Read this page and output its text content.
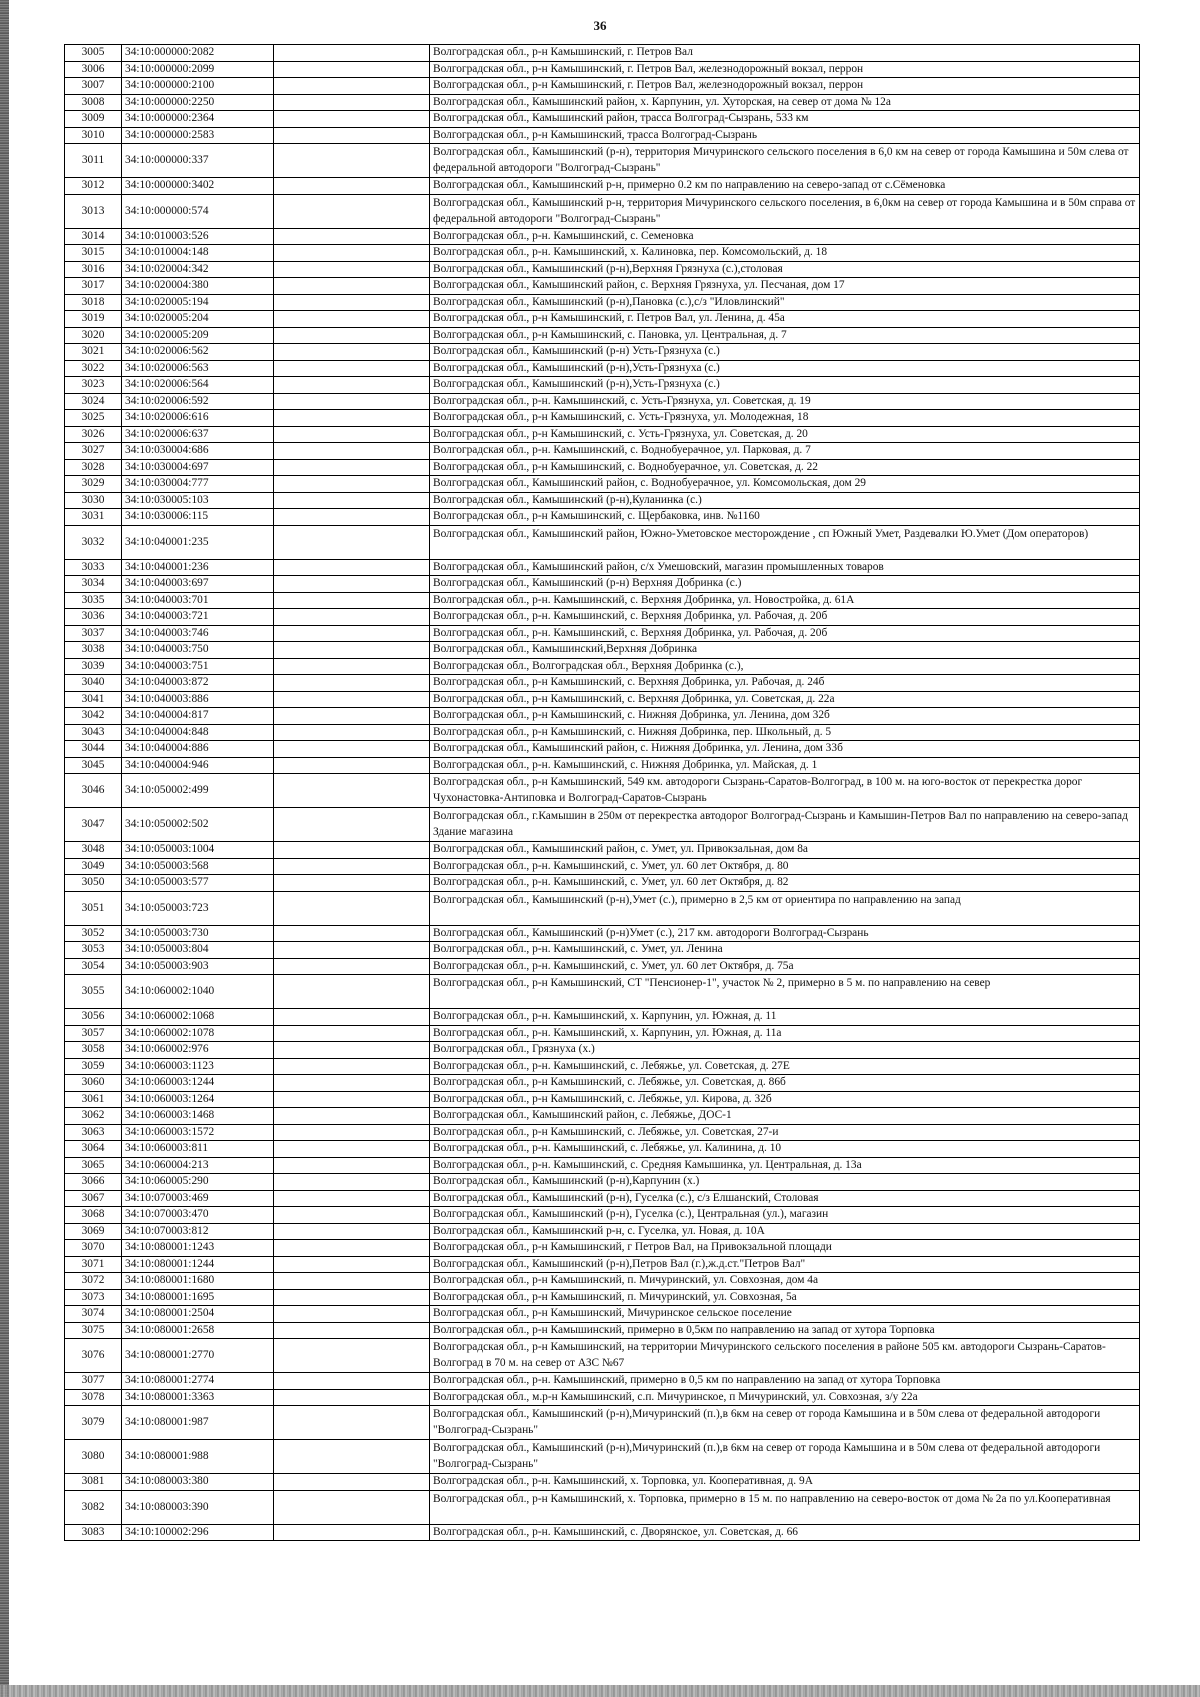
36
3005	34:10:000000:2082		Волгоградская обл., р-н Камышинский, г. Петров Вал
3006	34:10:000000:2099		Волгоградская обл., р-н Камышинский, г. Петров Вал, железнодорожный вокзал, перрон
3007	34:10:000000:2100		Волгоградская обл., р-н Камышинский, г. Петров Вал, железнодорожный вокзал, перрон
3008	34:10:000000:2250		Волгоградская обл., Камышинский район, х. Карпунин, ул. Хуторская, на север от дома № 12а
3009	34:10:000000:2364		Волгоградская обл., Камышинский район, трасса Волгоград-Сызрань, 533 км
3010	34:10:000000:2583		Волгоградская обл., р-н Камышинский, трасса Волгоград-Сызрань
3011	34:10:000000:337		Волгоградская обл., Камышинский (р-н), территория Мичуринского сельского поселения в 6,0 км на север от города Камышина и 50м слева от федеральной автодороги "Волгоград-Сызрань"
3012	34:10:000000:3402		Волгоградская обл., Камышинский р-н, примерно 0.2 км по направлению на северо-запад от с.Сёменовка
3013	34:10:000000:574		Волгоградская обл., Камышинский р-н, территория Мичуринского сельского поселения, в 6,0км на север от города Камышина и в 50м справа от федеральной автодороги "Волгоград-Сызрань"
3014	34:10:010003:526		Волгоградская обл., р-н. Камышинский, с. Семеновка
3015	34:10:010004:148		Волгоградская обл., р-н. Камышинский, х. Калиновка, пер. Комсомольский, д. 18
3016	34:10:020004:342		Волгоградская обл., Камышинский (р-н),Верхняя Грязнуха (с.),столовая
3017	34:10:020004:380		Волгоградская обл., Камышинский район, с. Верхняя Грязнуха, ул. Песчаная, дом 17
3018	34:10:020005:194		Волгоградская обл., Камышинский (р-н),Пановка (с.),с/з "Иловлинский"
3019	34:10:020005:204		Волгоградская обл., р-н Камышинский, г. Петров Вал, ул. Ленина, д. 45а
3020	34:10:020005:209		Волгоградская обл., р-н Камышинский, с. Пановка, ул. Центральная, д. 7
3021	34:10:020006:562		Волгоградская обл., Камышинский (р-н) Усть-Грязнуха (с.)
3022	34:10:020006:563		Волгоградская обл., Камышинский (р-н),Усть-Грязнуха (с.)
3023	34:10:020006:564		Волгоградская обл., Камышинский (р-н),Усть-Грязнуха (с.)
3024	34:10:020006:592		Волгоградская обл., р-н. Камышинский, с. Усть-Грязнуха, ул. Советская, д. 19
3025	34:10:020006:616		Волгоградская обл., р-н Камышинский, с. Усть-Грязнуха, ул. Молодежная, 18
3026	34:10:020006:637		Волгоградская обл., р-н Камышинский, с. Усть-Грязнуха, ул. Советская, д. 20
3027	34:10:030004:686		Волгоградская обл., р-н. Камышинский, с. Воднобуерачное, ул. Парковая, д. 7
3028	34:10:030004:697		Волгоградская обл., р-н Камышинский, с. Воднобуерачное, ул. Советская, д. 22
3029	34:10:030004:777		Волгоградская обл., Камышинский район, с. Воднобуерачное, ул. Комсомольская, дом 29
3030	34:10:030005:103		Волгоградская обл., Камышинский (р-н),Куланинка (с.)
3031	34:10:030006:115		Волгоградская обл., р-н Камышинский, с. Щербаковка, инв. №1160
3032	34:10:040001:235		Волгоградская обл., Камышинский район, Южно-Уметовское месторождение , сп Южный Умет, Раздевалки Ю.Умет (Дом операторов)
3033	34:10:040001:236		Волгоградская обл., Камышинский район, с/х Умешовский, магазин промышленных товаров
3034	34:10:040003:697		Волгоградская обл., Камышинский (р-н) Верхняя Добринка (с.)
3035	34:10:040003:701		Волгоградская обл., р-н. Камышинский, с. Верхняя Добринка, ул. Новостройка, д. 61А
3036	34:10:040003:721		Волгоградская обл., р-н. Камышинский, с. Верхняя Добринка, ул. Рабочая, д. 20б
3037	34:10:040003:746		Волгоградская обл., р-н. Камышинский, с. Верхняя Добринка, ул. Рабочая, д. 20б
3038	34:10:040003:750		Волгоградская обл., Камышинский,Верхняя Добринка
3039	34:10:040003:751		Волгоградская обл., Волгоградская обл., Верхняя Добринка (с.),
3040	34:10:040003:872		Волгоградская обл., р-н Камышинский, с. Верхняя Добринка, ул. Рабочая, д. 24б
3041	34:10:040003:886		Волгоградская обл., р-н Камышинский, с. Верхняя Добринка, ул. Советская, д. 22а
3042	34:10:040004:817		Волгоградская обл., р-н Камышинский, с. Нижняя Добринка, ул. Ленина, дом 32б
3043	34:10:040004:848		Волгоградская обл., р-н Камышинский, с. Нижняя Добринка, пер. Школьный, д. 5
3044	34:10:040004:886		Волгоградская обл., Камышинский район, с. Нижняя Добринка, ул. Ленина, дом 33б
3045	34:10:040004:946		Волгоградская обл., р-н. Камышинский, с. Нижняя Добринка, ул. Майская, д. 1
3046	34:10:050002:499		Волгоградская обл., р-н Камышинский, 549 км. автодороги Сызрань-Саратов-Волгоград, в 100 м. на юго-восток от перекрестка дорог Чухонастовка-Антиповка и Волгоград-Саратов-Сызрань
3047	34:10:050002:502		Волгоградская обл., г.Камышин в 250м от перекрестка автодорог Волгоград-Сызрань и Камышин-Петров Вал по направлению на северо-запад Здание магазина
3048	34:10:050003:1004		Волгоградская обл., Камышинский район, с. Умет, ул. Привокзальная, дом 8а
3049	34:10:050003:568		Волгоградская обл., р-н. Камышинский, с. Умет, ул. 60 лет Октября, д. 80
3050	34:10:050003:577		Волгоградская обл., р-н. Камышинский, с. Умет, ул. 60 лет Октября, д. 82
3051	34:10:050003:723		Волгоградская обл., Камышинский (р-н),Умет (с.), примерно в 2,5 км от ориентира по направлению на запад
3052	34:10:050003:730		Волгоградская обл., Камышинский (р-н)Умет (с.), 217 км. автодороги Волгоград-Сызрань
3053	34:10:050003:804		Волгоградская обл., р-н. Камышинский, с. Умет, ул. Ленина
3054	34:10:050003:903		Волгоградская обл., р-н. Камышинский, с. Умет, ул. 60 лет Октября, д. 75а
3055	34:10:060002:1040		Волгоградская обл., р-н Камышинский, СТ "Пенсионер-1", участок № 2, примерно в 5 м. по направлению на север
3056	34:10:060002:1068		Волгоградская обл., р-н. Камышинский, х. Карпунин, ул. Южная, д. 11
3057	34:10:060002:1078		Волгоградская обл., р-н. Камышинский, х. Карпунин, ул. Южная, д. 11а
3058	34:10:060002:976		Волгоградская обл., Грязнуха (х.)
3059	34:10:060003:1123		Волгоградская обл., р-н. Камышинский, с. Лебяжье, ул. Советская, д. 27Е
3060	34:10:060003:1244		Волгоградская обл., р-н Камышинский, с. Лебяжье, ул. Советская, д. 86б
3061	34:10:060003:1264		Волгоградская обл., р-н Камышинский, с. Лебяжье, ул. Кирова, д. 32б
3062	34:10:060003:1468		Волгоградская обл., Камышинский район, с. Лебяжье, ДОС-1
3063	34:10:060003:1572		Волгоградская обл., р-н Камышинский, с. Лебяжье, ул. Советская, 27-и
3064	34:10:060003:811		Волгоградская обл., р-н. Камышинский, с. Лебяжье, ул. Калинина, д. 10
3065	34:10:060004:213		Волгоградская обл., р-н. Камышинский, с. Средняя Камышинка, ул. Центральная, д. 13а
3066	34:10:060005:290		Волгоградская обл., Камышинский (р-н),Карпунин (х.)
3067	34:10:070003:469		Волгоградская обл., Камышинский (р-н), Гуселка (с.), с/з Елшанский, Столовая
3068	34:10:070003:470		Волгоградская обл., Камышинский (р-н), Гуселка (с.), Центральная (ул.), магазин
3069	34:10:070003:812		Волгоградская обл., Камышинский р-н, с. Гуселка, ул. Новая, д. 10А
3070	34:10:080001:1243		Волгоградская обл., р-н Камышинский, г Петров Вал, на Привокзальной площади
3071	34:10:080001:1244		Волгоградская обл., Камышинский (р-н),Петров Вал (г.),ж.д.ст."Петров Вал"
3072	34:10:080001:1680		Волгоградская обл., р-н Камышинский, п. Мичуринский, ул. Совхозная, дом 4а
3073	34:10:080001:1695		Волгоградская обл., р-н Камышинский, п. Мичуринский, ул. Совхозная, 5а
3074	34:10:080001:2504		Волгоградская обл., р-н Камышинский, Мичуринское сельское поселение
3075	34:10:080001:2658		Волгоградская обл., р-н Камышинский, примерно в 0,5км по направлению на запад от хутора Торповка
3076	34:10:080001:2770		Волгоградская обл., р-н Камышинский, на территории Мичуринского сельского поселения в районе 505 км. автодороги Сызрань-Саратов-Волгоград в 70 м. на север от АЗС №67
3077	34:10:080001:2774		Волгоградская обл., р-н. Камышинский, примерно в 0,5 км по направлению на запад от хутора Торповка
3078	34:10:080001:3363		Волгоградская обл., м.р-н Камышинский, с.п. Мичуринское, п Мичуринский, ул. Совхозная, з/у 22а
3079	34:10:080001:987		Волгоградская обл., Камышинский (р-н),Мичуринский (п.),в 6км на север от города Камышина и в 50м слева от федеральной автодороги "Волгоград-Сызрань"
3080	34:10:080001:988		Волгоградская обл., Камышинский (р-н),Мичуринский (п.),в 6км на север от города Камышина и в 50м слева от федеральной автодороги "Волгоград-Сызрань"
3081	34:10:080003:380		Волгоградская обл., р-н. Камышинский, х. Торповка, ул. Кооперативная, д. 9А
3082	34:10:080003:390		Волгоградская обл., р-н Камышинский, х. Торповка, примерно в 15 м. по направлению на северо-восток от дома № 2а по ул.Кооперативная
3083	34:10:100002:296		Волгоградская обл., р-н. Камышинский, с. Дворянское, ул. Советская, д. 66
